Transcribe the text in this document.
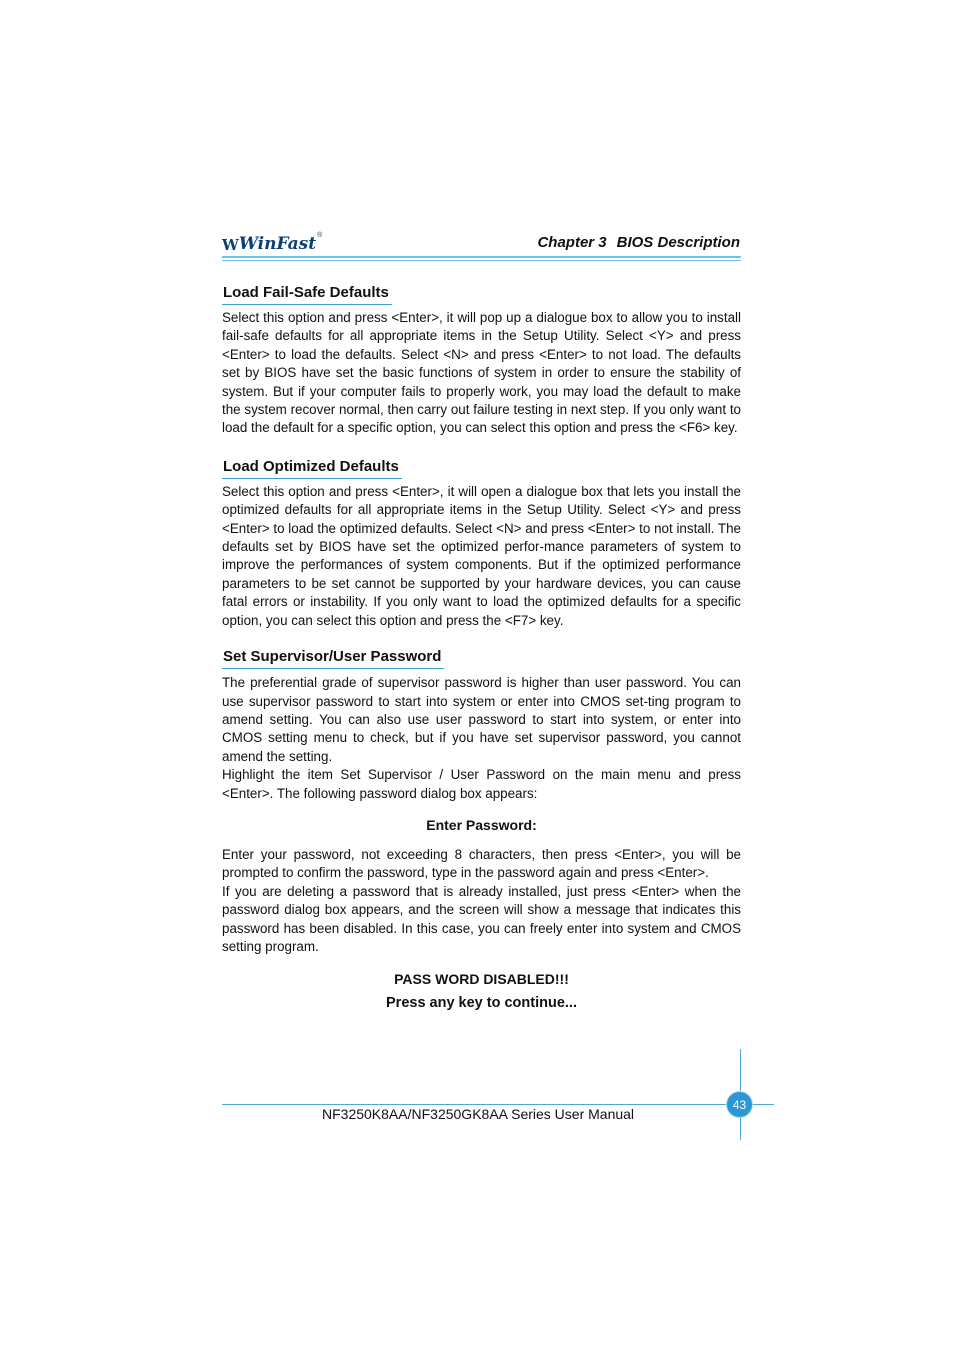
W WinFast ®	Chapter 3 BIOS Description
Load Fail-Safe Defaults

Select this option and press <Enter>, it will pop up a dialogue box to allow you to install fail-safe defaults for all appropriate items in the Setup Utility. Select <Y> and press <Enter> to load the defaults. Select <N> and press <Enter> to not load. The defaults set by BIOS have set the basic functions of system in order to ensure the stability of system. But if your computer fails to properly work, you may load the default to make the system recover normal, then carry out failure testing in next step. If you only want to load the default for a specific option, you can select this option and press the <F6> key.

Load Optimized Defaults

Select this option and press <Enter>, it will open a dialogue box that lets you install the optimized defaults for all appropriate items in the Setup Utility. Select <Y> and press <Enter> to load the optimized defaults. Select <N> and press <Enter> to not install. The defaults set by BIOS have set the optimized perfor-mance parameters of system to improve the performances of system components. But if the optimized performance parameters to be set cannot be supported by your hardware devices, you can cause fatal errors or instability. If you only want to load the optimized defaults for a specific option, you can select this option and press the <F7> key.

Set Supervisor/User Password

The preferential grade of supervisor password is higher than user password. You can use supervisor password to start into system or enter into CMOS set-ting program to amend setting. You can also use user password to start into system, or enter into CMOS setting menu to check, but if you have set supervisor password, you cannot amend the setting.

Highlight the item Set Supervisor / User Password on the main menu and press <Enter>. The following password dialog box appears:

Enter Password:

Enter your password, not exceeding 8 characters, then press <Enter>, you will be prompted to confirm the password, type in the password again and press <Enter>.

If you are deleting a password that is already installed, just press <Enter> when the password dialog box appears, and the screen will show a message that indicates this password has been disabled. In this case, you can freely enter into system and CMOS setting program.

PASS WORD DISABLED!!!
Press any key to continue...
43
NF3250K8AA/NF3250GK8AA Series User Manual
